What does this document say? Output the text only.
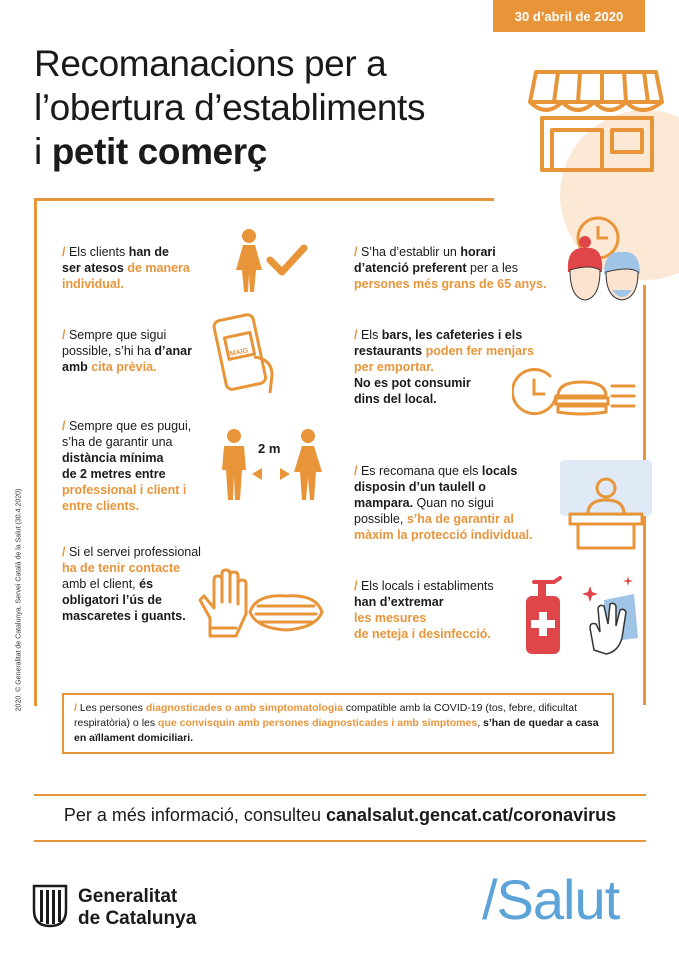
30 d’abril de 2020
Recomanacions per a
l’obertura d’establiments
i petit comerç
/ Els clients han de
ser atesos de manera
individual.
/ Sempre que sigui
possible, s’hi ha d’anar
amb cita prèvia.
MAIG
/ Sempre que es pugui,
s’ha de garantir una
distància mínima
de 2 metres entre
professional i client i
entre clients.
2 m
/ Si el servei professional
ha de tenir contacte
amb el client, és
obligatori l’ús de
mascaretes i guants.
/ S’ha d’establir un horari
d’atenció preferent per a les
persones més grans de 65 anys.
/ Els bars, les cafeteries i els
restaurants poden fer menjars
per emportar.
No es pot consumir
dins del local.
/ Es recomana que els locals
disposin d’un taulell o
mampara. Quan no sigui
possible, s’ha de garantir al
màxim la protecció individual.
/ Els locals i establiments
han d’extremar
les mesures
de neteja i desinfecció.
2020. © Generalitat de Catalunya. Servei Català de la Salut (30.4.2020)	/ Les persones diagnosticades o amb simptomatologia compatible amb la COVID-19 (tos, febre, dificultat respiratòria) o les que convisquin amb persones diagnosticades i amb símptomes, s’han de quedar a casa en aïllament domiciliari.
Per a més informació, consulteu canalsalut.gencat.cat/coronavirus
Generalitat
de Catalunya	/Salut
